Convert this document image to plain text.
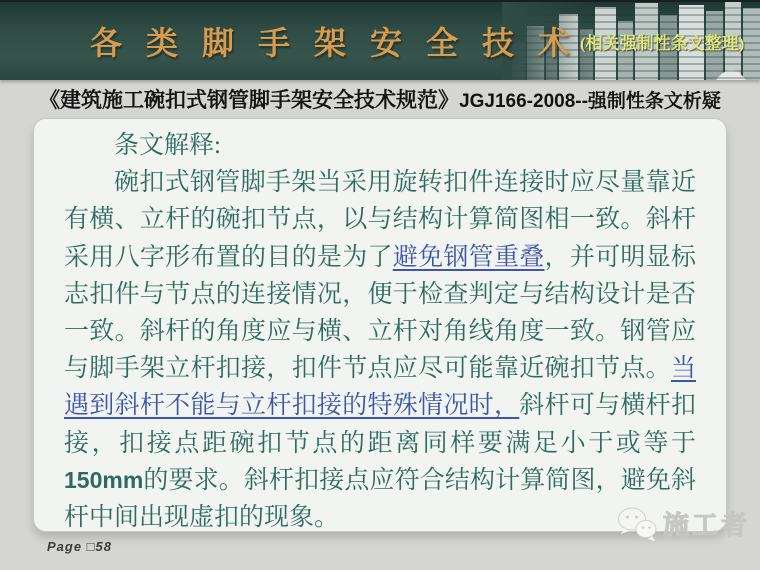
各 类 脚 手 架 安 全 技 术 (相关强制性条文整理)
《建筑施工碗扣式钢管脚手架安全技术规范》JGJ166-2008--强制性条文析疑
条文解释:
碗扣式钢管脚手架当采用旋转扣件连接时应尽量靠近
有横、立杆的碗扣节点，以与结构计算简图相一致。斜杆
采用八字形布置的目的是为了避免钢管重叠，并可明显标
志扣件与节点的连接情况，便于检查判定与结构设计是否
一致。斜杆的角度应与横、立杆对角线角度一致。钢管应
与脚手架立杆扣接，扣件节点应尽可能靠近碗扣节点。当
遇到斜杆不能与立杆扣接的特殊情况时，斜杆可与横杆扣
接，扣接点距碗扣节点的距离同样要满足小于或等于
150mm的要求。斜杆扣接点应符合结构计算简图，避免斜
杆中间出现虚扣的现象。
Page □58
施工者
